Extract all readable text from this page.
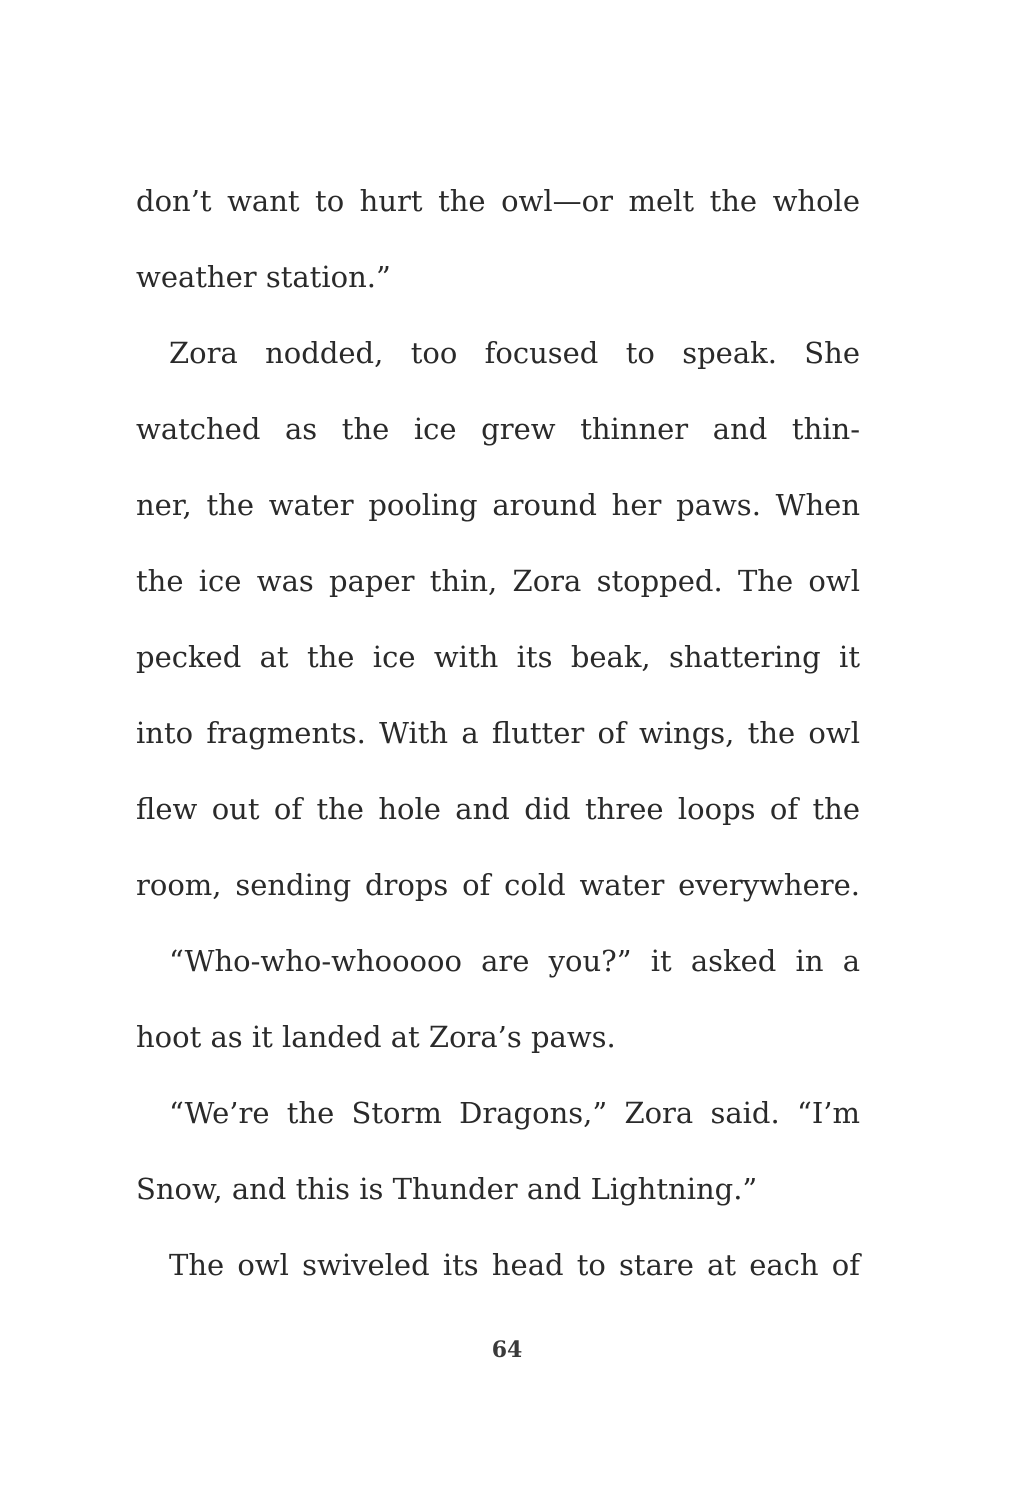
don’t want to hurt the owl—or melt the whole
weather station.”
Zora nodded, too focused to speak. She
watched as the ice grew thinner and thin-
ner, the water pooling around her paws. When
the ice was paper thin, Zora stopped. The owl
pecked at the ice with its beak, shattering it
into fragments. With a flutter of wings, the owl
flew out of the hole and did three loops of the
room, sending drops of cold water everywhere.
“Who-who-whooooo are you?” it asked in a
hoot as it landed at Zora’s paws.
“We’re the Storm Dragons,” Zora said. “I’m
Snow, and this is Thunder and Lightning.”
The owl swiveled its head to stare at each of
64
